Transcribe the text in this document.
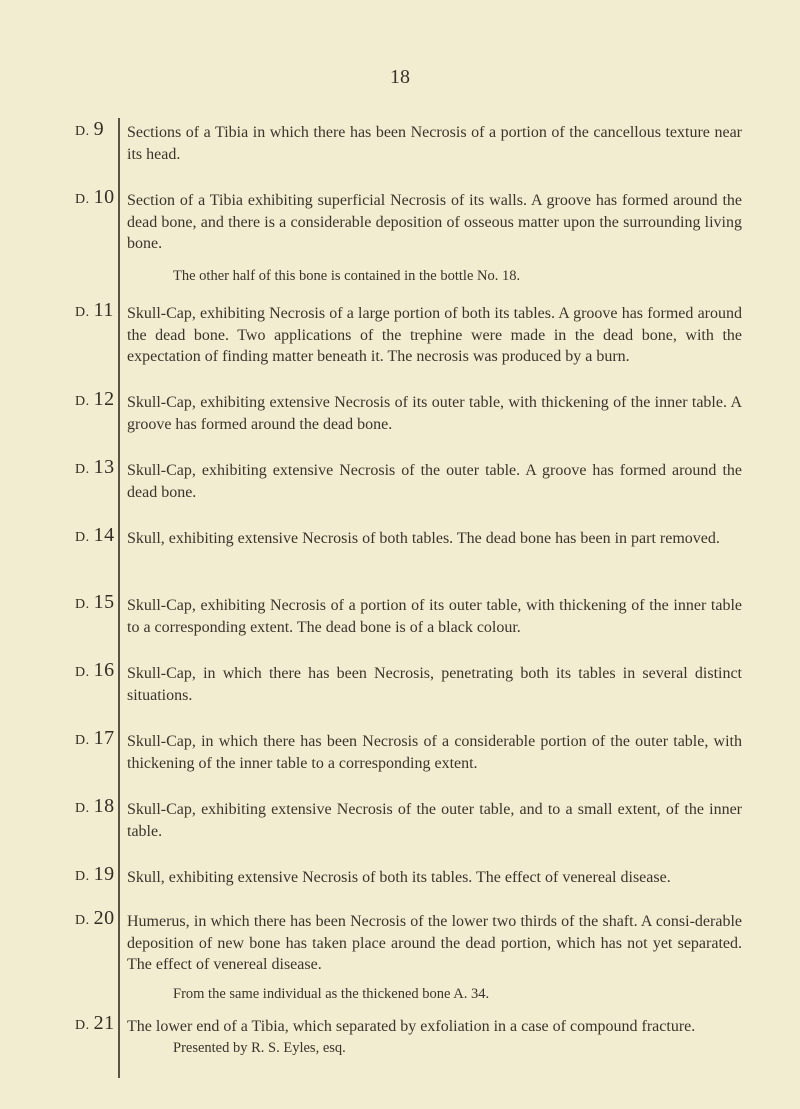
18
D. 9	Sections of a Tibia in which there has been Necrosis of a portion of the cancellous texture near its head.
D. 10 Section of a Tibia exhibiting superficial Necrosis of its walls. A groove has formed around the dead bone, and there is a considerable deposition of osseous matter upon the surrounding living bone.
The other half of this bone is contained in the bottle No. 18.
D. 11 Skull-Cap, exhibiting Necrosis of a large portion of both its tables. A groove has formed around the dead bone. Two applications of the trephine were made in the dead bone, with the expectation of finding matter beneath it. The necrosis was produced by a burn.
D. 12 Skull-Cap, exhibiting extensive Necrosis of its outer table, with thickening of the inner table. A groove has formed around the dead bone.
D. 13 Skull-Cap, exhibiting extensive Necrosis of the outer table. A groove has formed around the dead bone.
D. 14 Skull, exhibiting extensive Necrosis of both tables. The dead bone has been in part removed.
D. 15 Skull-Cap, exhibiting Necrosis of a portion of its outer table, with thickening of the inner table to a corresponding extent. The dead bone is of a black colour.
D. 16 Skull-Cap, in which there has been Necrosis, penetrating both its tables in several distinct situations.
D. 17 Skull-Cap, in which there has been Necrosis of a considerable portion of the outer table, with thickening of the inner table to a corresponding extent.
D. 18 Skull-Cap, exhibiting extensive Necrosis of the outer table, and to a small extent, of the inner table.
D. 19 Skull, exhibiting extensive Necrosis of both its tables. The effect of venereal disease.
D. 20 Humerus, in which there has been Necrosis of the lower two thirds of the shaft. A consi-derable deposition of new bone has taken place around the dead portion, which has not yet separated. The effect of venereal disease.
From the same individual as the thickened bone A. 34.
D. 21 The lower end of a Tibia, which separated by exfoliation in a case of compound fracture.
Presented by R. S. Eyles, esq.
